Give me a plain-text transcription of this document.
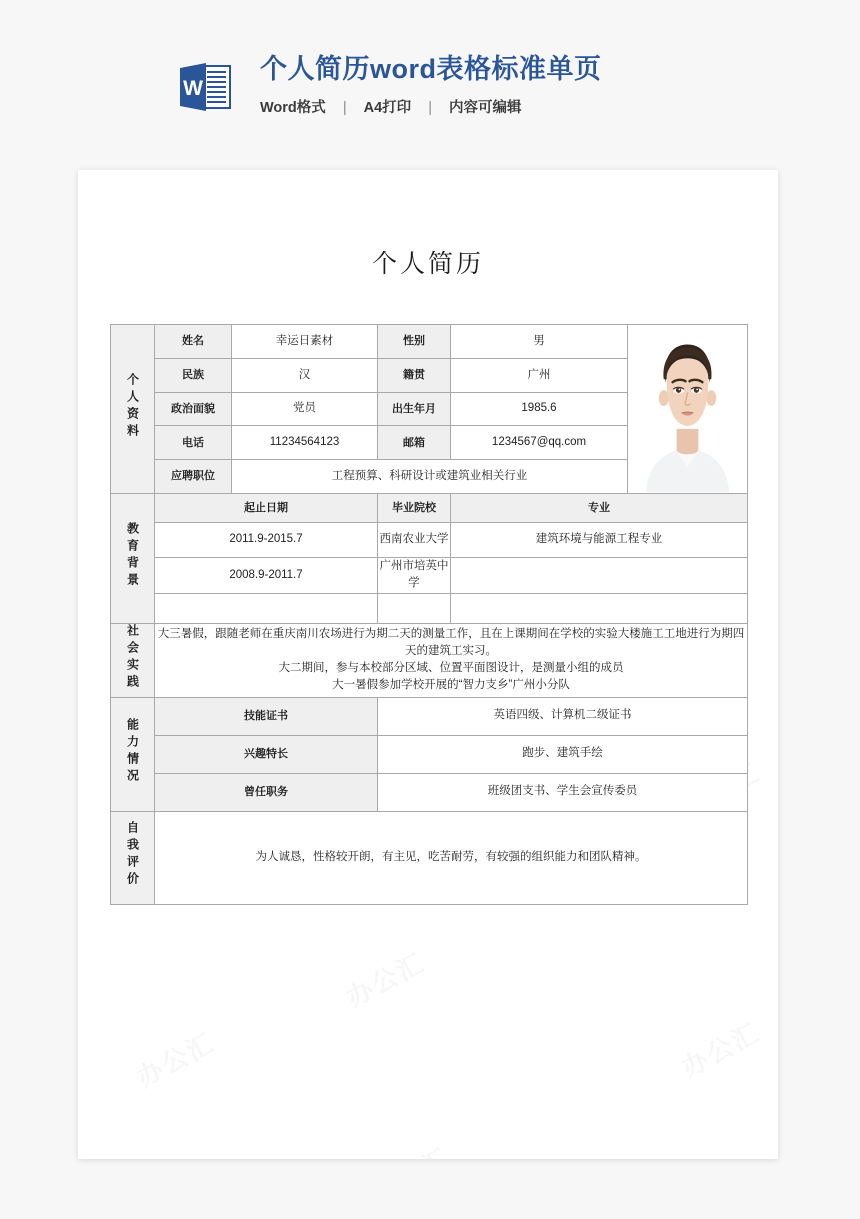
W
个人简历word表格标准单页
Word格式 | A4打印 | 内容可编辑
个人简历
个人资料	姓名	幸运日素材	性别	男	

	民族	汉	籍贯	广州	
	政治面貌	党员	出生年月	1985.6	
	电话	11234564123	邮箱	1234567@qq.com	
	应聘职位	工程预算、科研设计或建筑业相关行业			
教育背景	起止日期		毕业院校	专业	
	2011.9-2015.7		西南农业大学	建筑环境与能源工程专业	
	2008.9-2011.7		广州市培英中学		

社会实践	大三暑假，跟随老师在重庆南川农场进行为期二天的测量工作，且在上课期间在学校的实验大楼施工工地进行为期四天的建筑工实习。

大二期间，参与本校部分区域、位置平面图设计，是测量小组的成员

大一暑假参加学校开展的“智力支乡”广州小分队				

能力情况	技能证书		英语四级、计算机二级证书		
	兴趣特长		跑步、建筑手绘		
	曾任职务		班级团支书、学生会宣传委员		
自我评价	为人诚恳，性格较开朗，有主见，吃苦耐劳，有较强的组织能力和团队精神。				
